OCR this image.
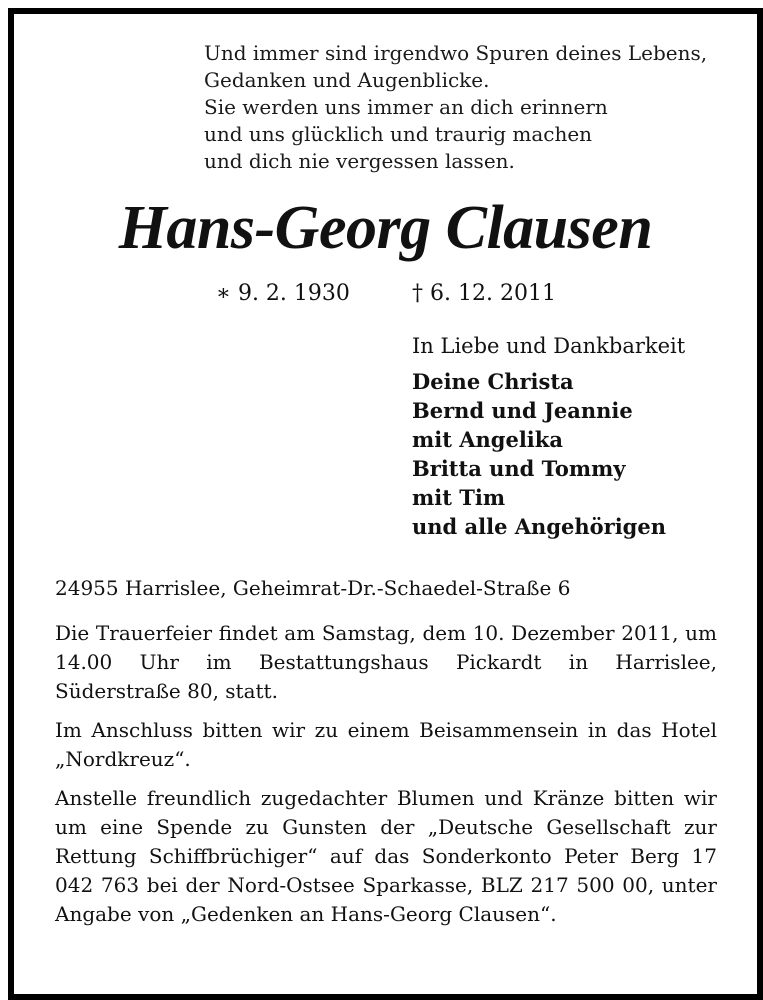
Und immer sind irgendwo Spuren deines Lebens,
Gedanken und Augenblicke.
Sie werden uns immer an dich erinnern
und uns glücklich und traurig machen
und dich nie vergessen lassen.
Hans-Georg Clausen
∗ 9. 2. 1930	† 6. 12. 2011
In Liebe und Dankbarkeit
Deine Christa
Bernd und Jeannie
mit Angelika
Britta und Tommy
mit Tim
und alle Angehörigen

24955 Harrislee, Geheimrat-Dr.-Schaedel-Straße 6

Die Trauerfeier findet am Samstag, dem 10. Dezember 2011, um 14.00 Uhr im Bestattungshaus Pickardt in Harrislee, Süderstraße 80, statt.

Im Anschluss bitten wir zu einem Beisammensein in das Hotel „Nordkreuz“.

Anstelle freundlich zugedachter Blumen und Kränze bitten wir um eine Spende zu Gunsten der „Deutsche Gesellschaft zur Rettung Schiffbrüchiger“ auf das Sonderkonto Peter Berg 17 042 763 bei der Nord-Ostsee Sparkasse, BLZ 217 500 00, unter Angabe von „Gedenken an Hans-Georg Clausen“.
